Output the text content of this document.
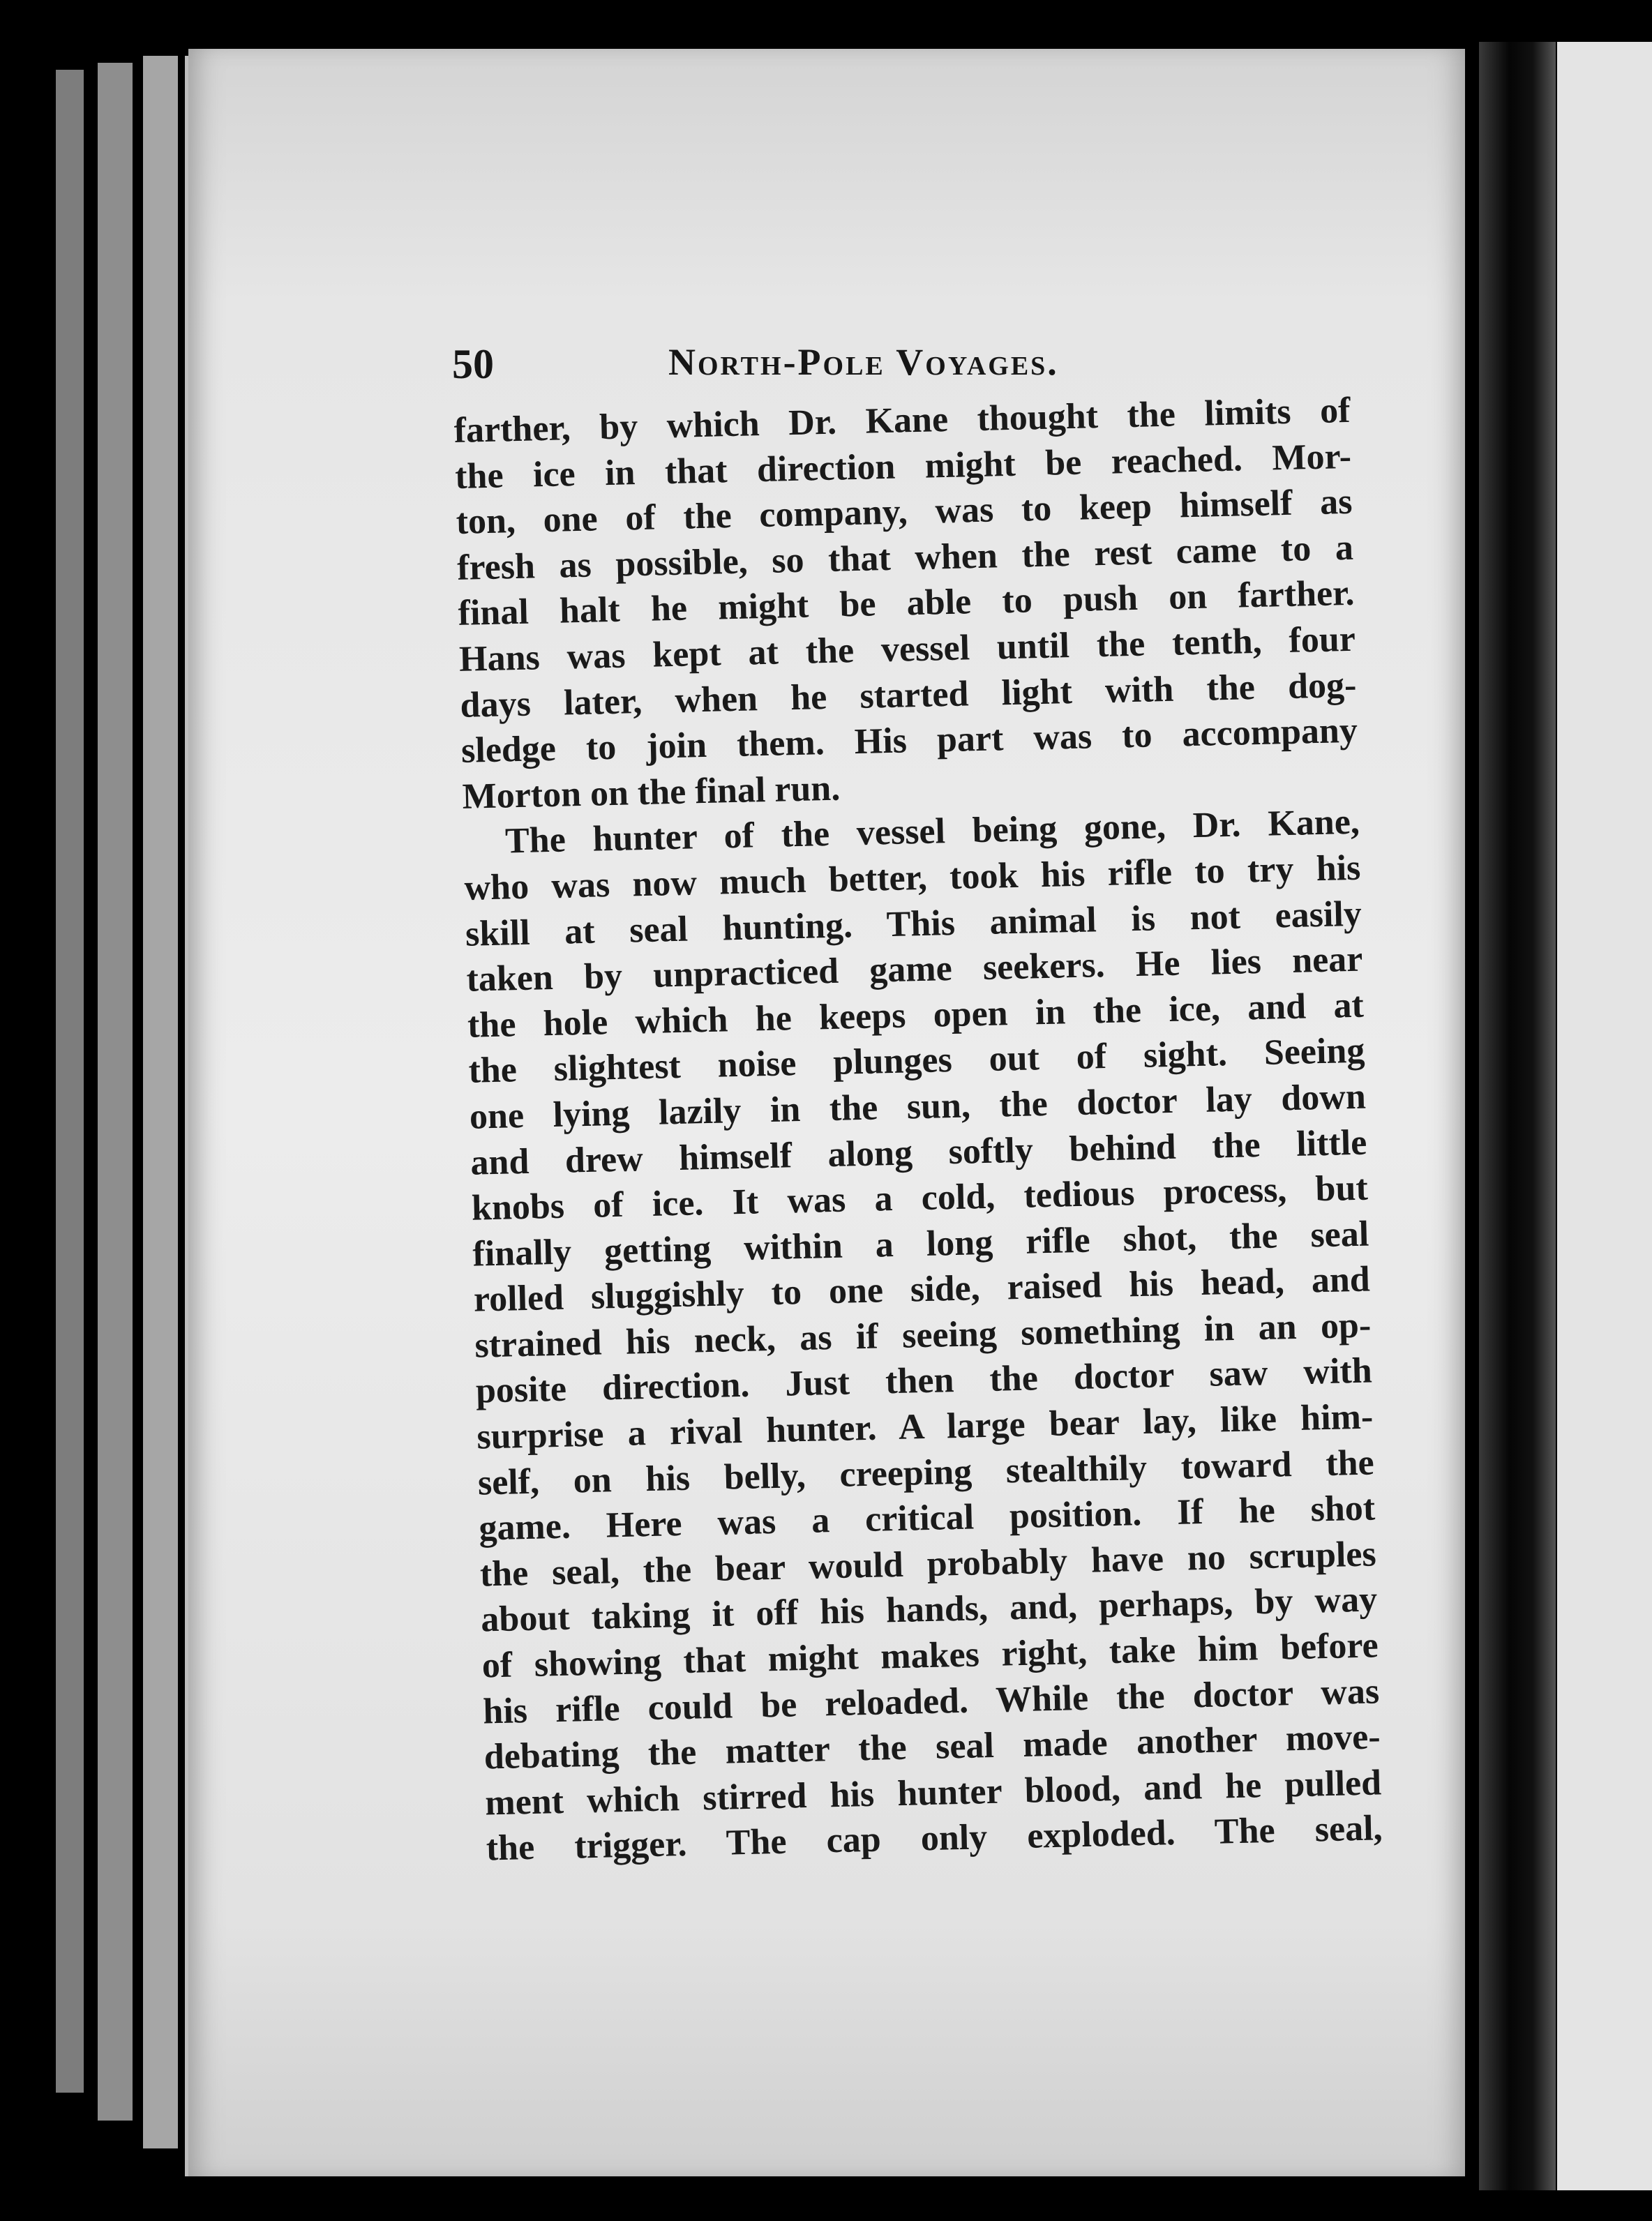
50	North-Pole Voyages.
farther, by which Dr. Kane thought the limits of
the ice in that direction might be reached. Mor-
ton, one of the company, was to keep himself as
fresh as possible, so that when the rest came to a
final halt he might be able to push on farther.
Hans was kept at the vessel until the tenth, four
days later, when he started light with the dog-
sledge to join them. His part was to accompany
Morton on the final run.
The hunter of the vessel being gone, Dr. Kane,
who was now much better, took his rifle to try his
skill at seal hunting. This animal is not easily
taken by unpracticed game seekers. He lies near
the hole which he keeps open in the ice, and at
the slightest noise plunges out of sight. Seeing
one lying lazily in the sun, the doctor lay down
and drew himself along softly behind the little
knobs of ice. It was a cold, tedious process, but
finally getting within a long rifle shot, the seal
rolled sluggishly to one side, raised his head, and
strained his neck, as if seeing something in an op-
posite direction. Just then the doctor saw with
surprise a rival hunter. A large bear lay, like him-
self, on his belly, creeping stealthily toward the
game. Here was a critical position. If he shot
the seal, the bear would probably have no scruples
about taking it off his hands, and, perhaps, by way
of showing that might makes right, take him before
his rifle could be reloaded. While the doctor was
debating the matter the seal made another move-
ment which stirred his hunter blood, and he pulled
the trigger. The cap only exploded. The seal,
